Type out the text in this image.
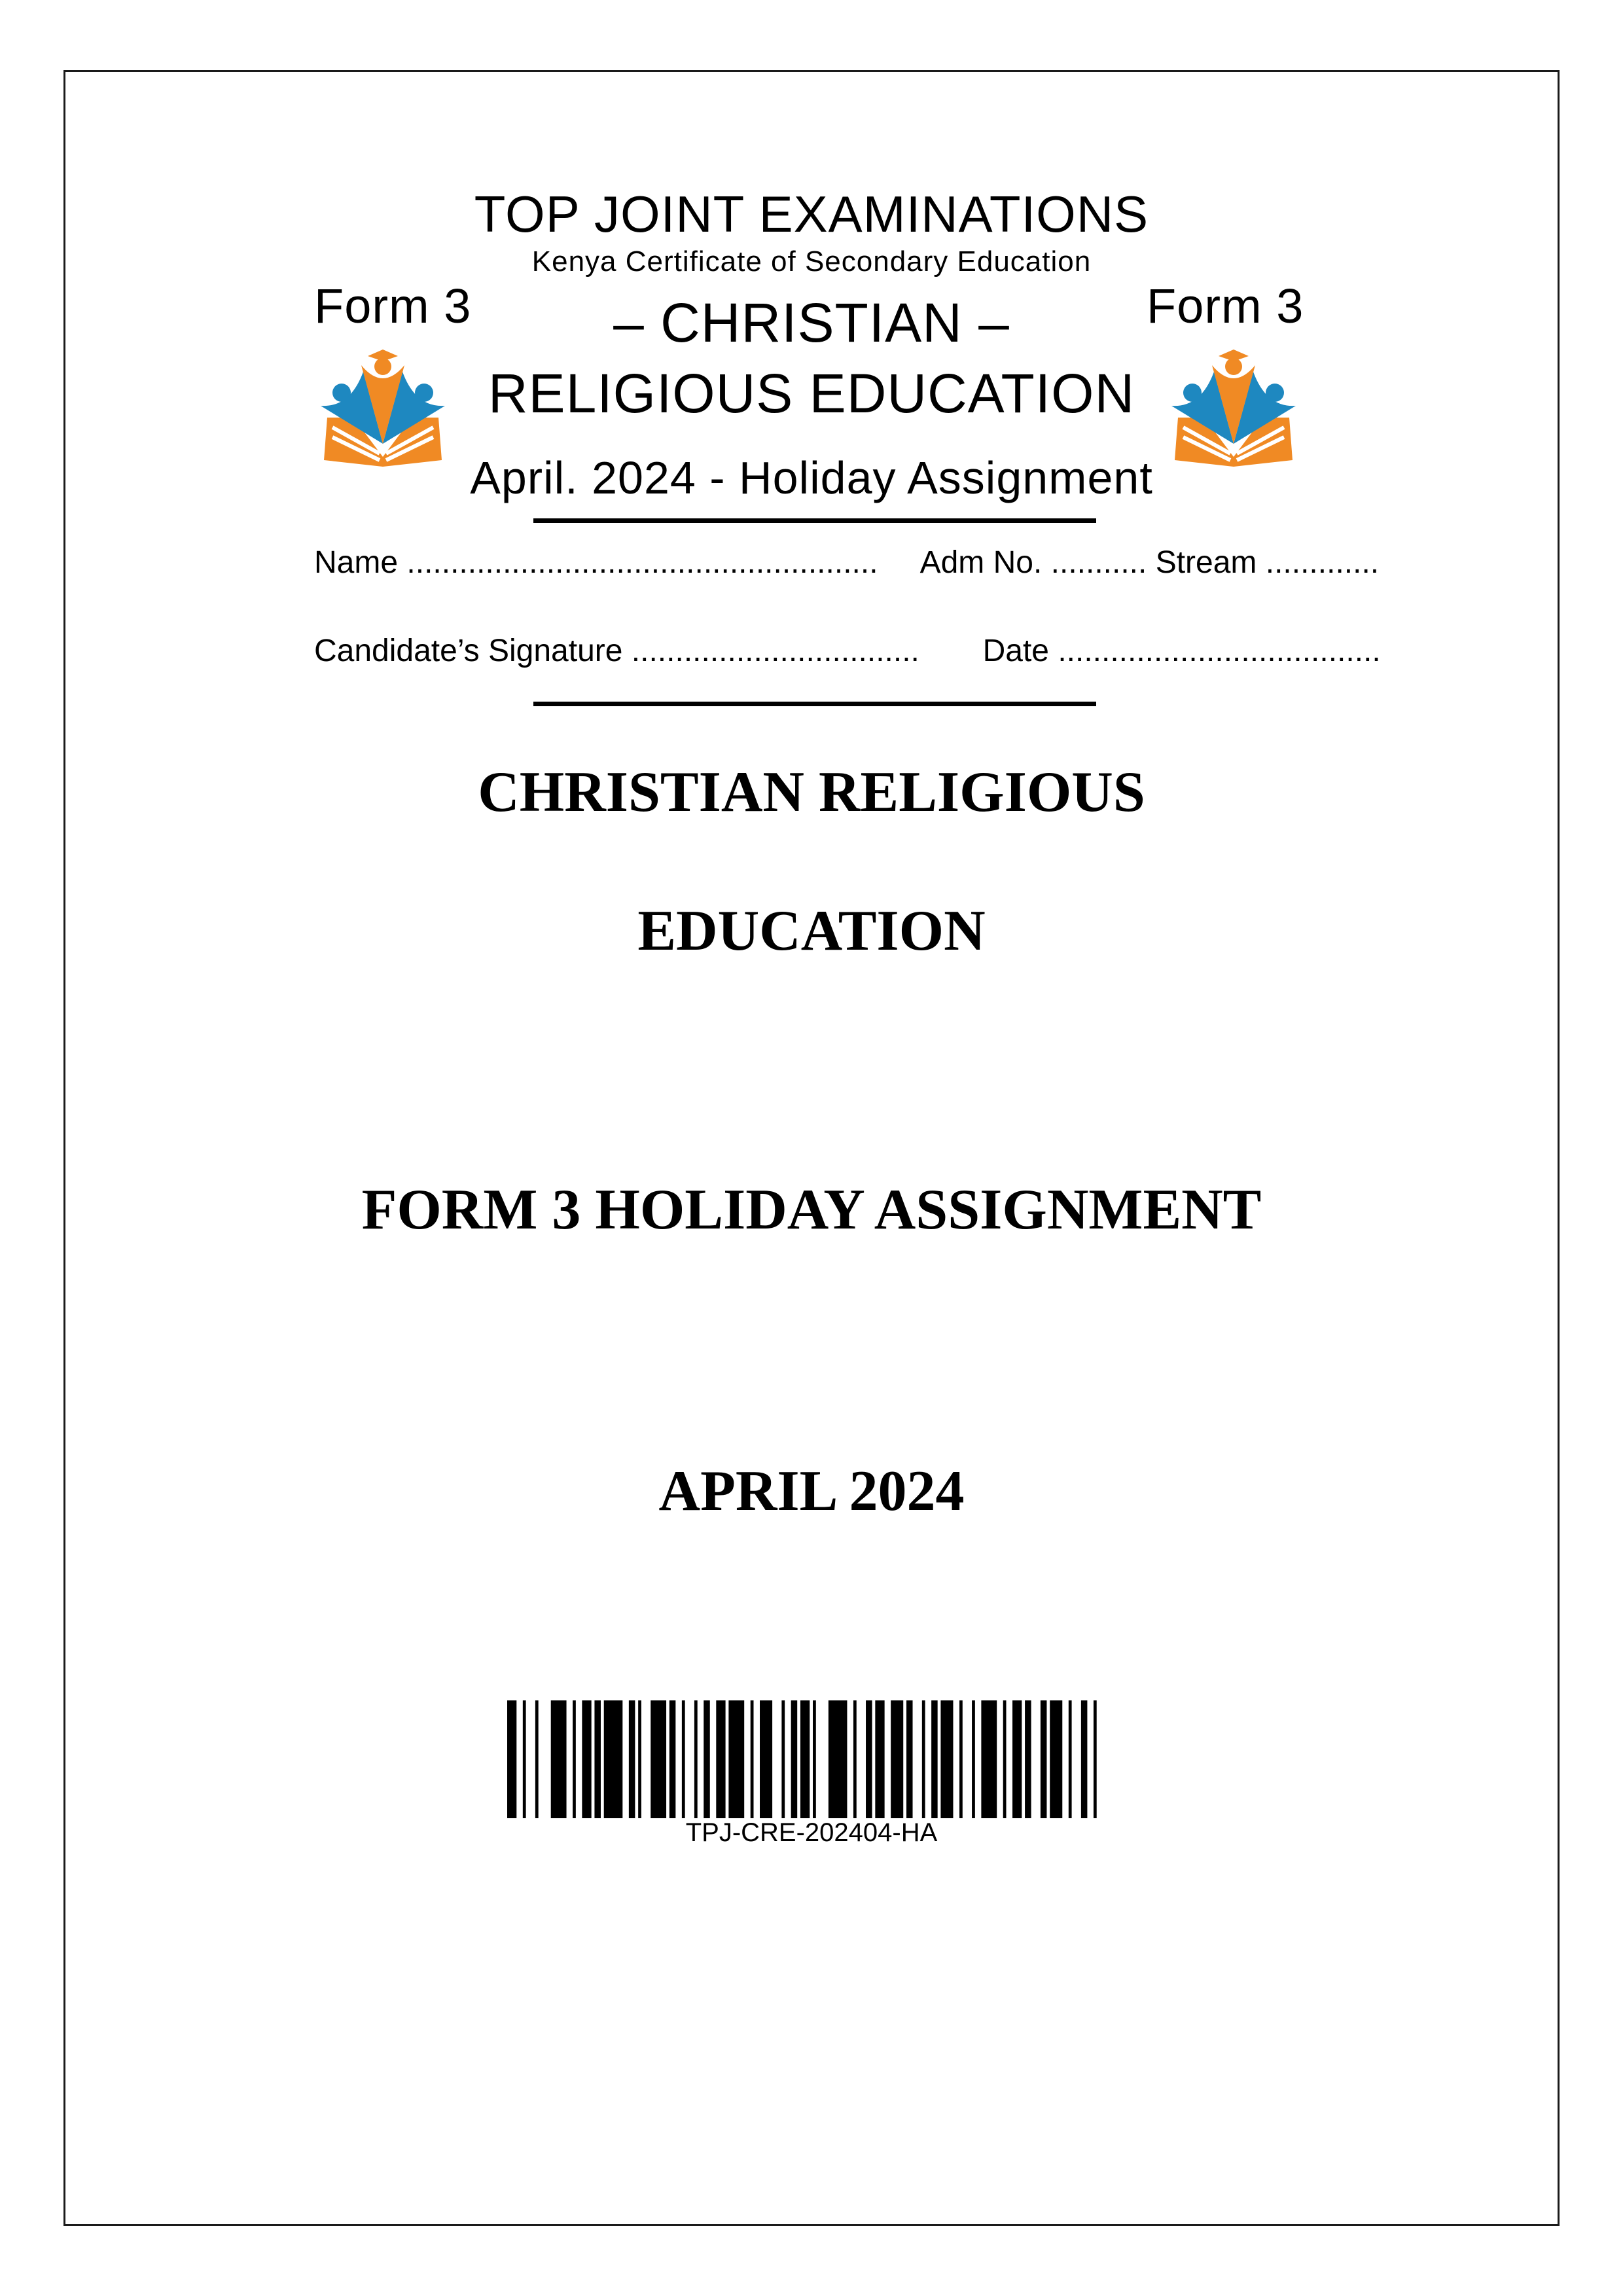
TOP JOINT EXAMINATIONS
Kenya Certificate of Secondary Education
Form 3	Form 3
– CHRISTIAN –
RELIGIOUS EDUCATION
April. 2024 - Holiday Assignment
Name ...................................................... Adm No. ........... Stream .............
Candidate’s Signature ................................. Date .....................................
CHRISTIAN RELIGIOUS
EDUCATION
FORM 3 HOLIDAY ASSIGNMENT
APRIL 2024
TPJ-CRE-202404-HA
